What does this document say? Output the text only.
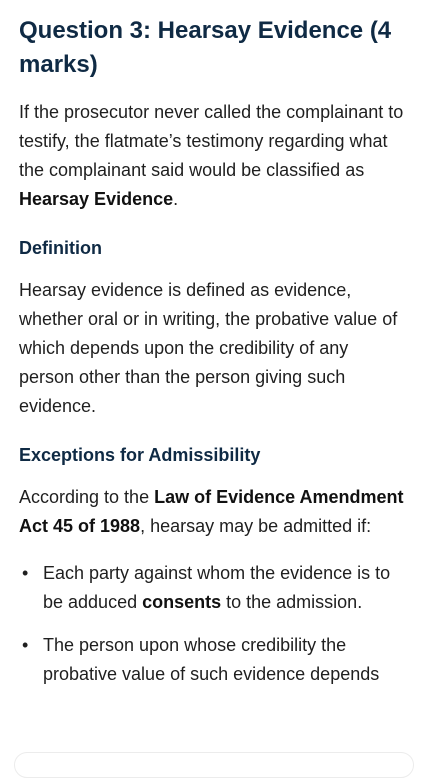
Question 3: Hearsay Evidence (4 marks)

If the prosecutor never called the complainant to testify, the flatmate’s testimony regarding what the complainant said would be classified as Hearsay Evidence.

Definition

Hearsay evidence is defined as evidence, whether oral or in writing, the probative value of which depends upon the credibility of any person other than the person giving such evidence.

Exceptions for Admissibility

According to the Law of Evidence Amendment Act 45 of 1988, hearsay may be admitted if:

• Each party against whom the evidence is to be adduced consents to the admission.
• The person upon whose credibility the probative value of such evidence depends
